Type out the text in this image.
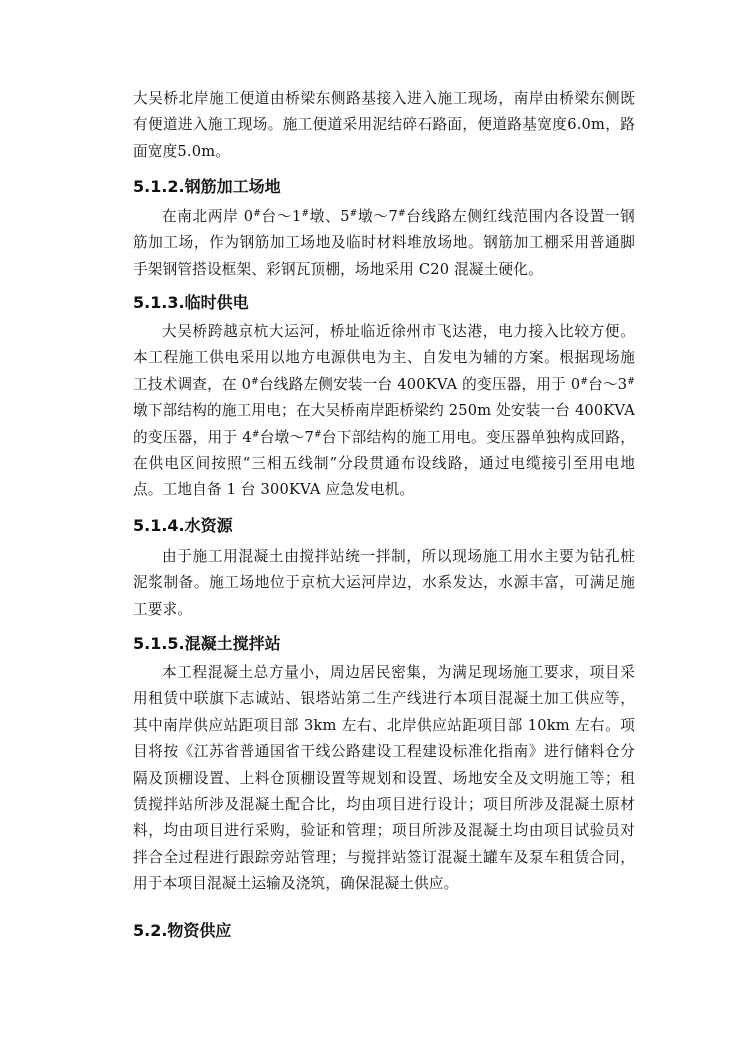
大吴桥北岸施工便道由桥梁东侧路基接入进入施工现场，南岸由桥梁东侧既有便道进入施工现场。施工便道采用泥结碎石路面，便道路基宽度6.0m，路面宽度5.0m。

5.1.2.钢筋加工场地

在南北两岸 0#台～1#墩、5#墩～7#台线路左侧红线范围内各设置一钢筋加工场，作为钢筋加工场地及临时材料堆放场地。钢筋加工棚采用普通脚手架钢管搭设框架、彩钢瓦顶棚，场地采用 C20 混凝土硬化。

5.1.3.临时供电

大吴桥跨越京杭大运河，桥址临近徐州市飞达港，电力接入比较方便。本工程施工供电采用以地方电源供电为主、自发电为辅的方案。根据现场施工技术调查，在 0#台线路左侧安装一台 400KVA 的变压器，用于 0#台～3#墩下部结构的施工用电；在大吴桥南岸距桥梁约 250m 处安装一台 400KVA 的变压器，用于 4#台墩～7#台下部结构的施工用电。变压器单独构成回路，在供电区间按照“三相五线制”分段贯通布设线路，通过电缆接引至用电地点。工地自备 1 台 300KVA 应急发电机。

5.1.4.水资源

由于施工用混凝土由搅拌站统一拌制，所以现场施工用水主要为钻孔桩泥浆制备。施工场地位于京杭大运河岸边，水系发达，水源丰富，可满足施工要求。

5.1.5.混凝土搅拌站

本工程混凝土总方量小，周边居民密集，为满足现场施工要求，项目采用租赁中联旗下志诚站、银塔站第二生产线进行本项目混凝土加工供应等，其中南岸供应站距项目部 3km 左右、北岸供应站距项目部 10km 左右。项目将按《江苏省普通国省干线公路建设工程建设标准化指南》进行储料仓分隔及顶棚设置、上料仓顶棚设置等规划和设置、场地安全及文明施工等；租赁搅拌站所涉及混凝土配合比，均由项目进行设计；项目所涉及混凝土原材料，均由项目进行采购，验证和管理；项目所涉及混凝土均由项目试验员对拌合全过程进行跟踪旁站管理；与搅拌站签订混凝土罐车及泵车租赁合同，用于本项目混凝土运输及浇筑，确保混凝土供应。

5.2.物资供应
